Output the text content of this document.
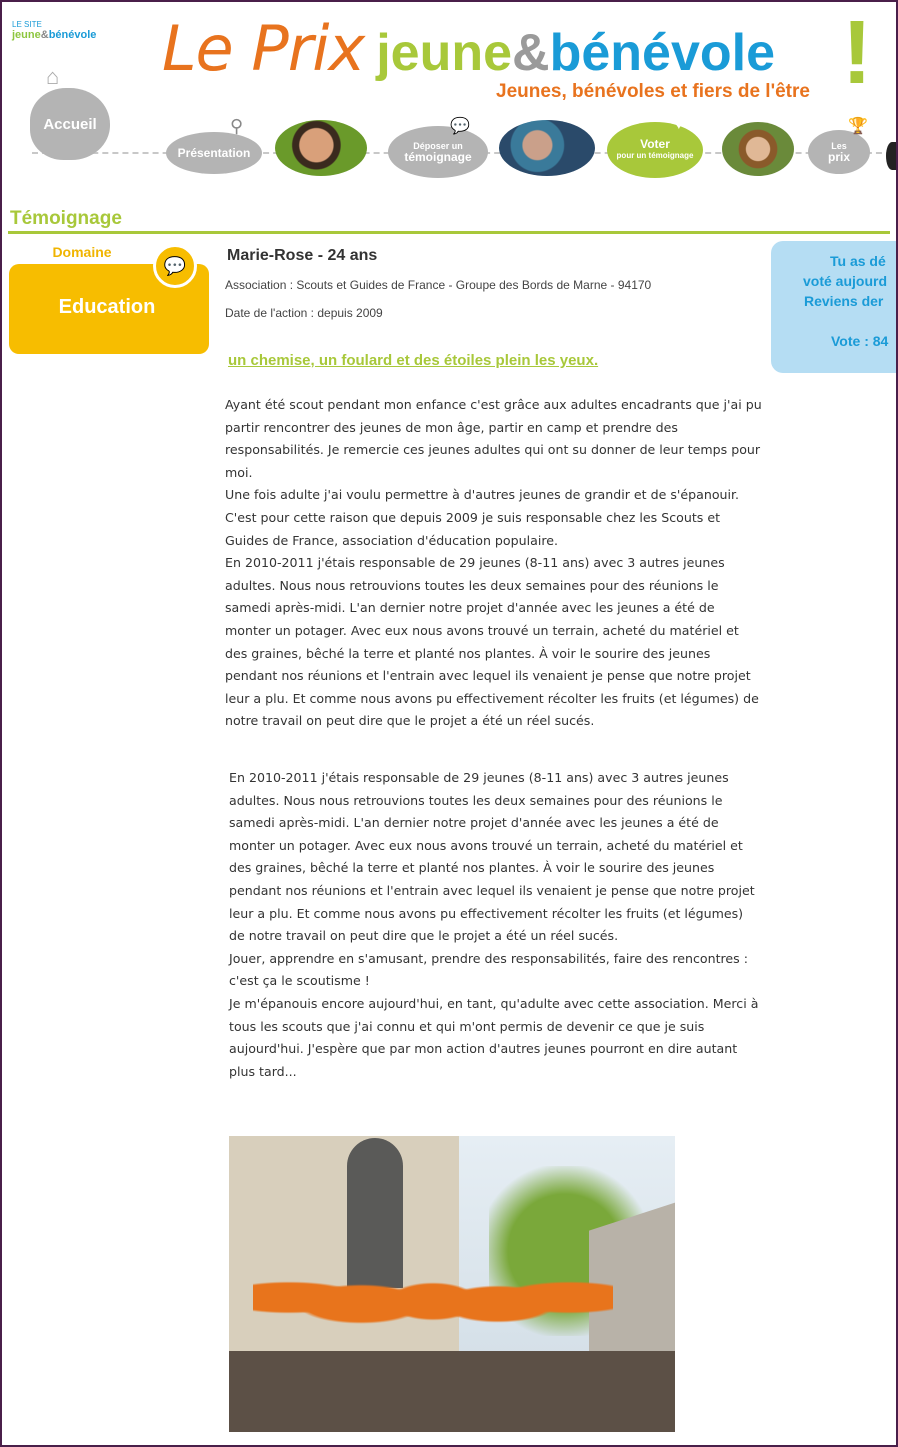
LE SITE
jeune&bénévole Le Prix jeune&bénévole !
Jeunes, bénévoles et fiers de l'être
Accueil
⌂
Présentation
⚲
Déposer un
témoignage
💬
Voter
pour un témoignage
♥
Les
prix
🏆
Témoignage
Domaine
Education
💬	Marie-Rose - 24 ans
Association : Scouts et Guides de France - Groupe des Bords de Marne - 94170
Date de l'action : depuis 2009
un chemise, un foulard et des étoiles plein les yeux.

Ayant été scout pendant mon enfance c'est grâce aux adultes encadrants que j'ai pu partir rencontrer des jeunes de mon âge, partir en camp et prendre des responsabilités. Je remercie ces jeunes adultes qui ont su donner de leur temps pour moi.

Une fois adulte j'ai voulu permettre à d'autres jeunes de grandir et de s'épanouir. C'est pour cette raison que depuis 2009 je suis responsable chez les Scouts et Guides de France, association d'éducation populaire.

En 2010-2011 j'étais responsable de 29 jeunes (8-11 ans) avec 3 autres jeunes adultes. Nous nous retrouvions toutes les deux semaines pour des réunions le samedi après-midi. L'an dernier notre projet d'année avec les jeunes a été de monter un potager. Avec eux nous avons trouvé un terrain, acheté du matériel et des graines, bêché la terre et planté nos plantes. À voir le sourire des jeunes pendant nos réunions et l'entrain avec lequel ils venaient je pense que notre projet leur a plu. Et comme nous avons pu effectivement récolter les fruits (et légumes) de notre travail on peut dire que le projet a été un réel sucés.

En 2010-2011 j'étais responsable de 29 jeunes (8-11 ans) avec 3 autres jeunes adultes. Nous nous retrouvions toutes les deux semaines pour des réunions le samedi après-midi. L'an dernier notre projet d'année avec les jeunes a été de monter un potager. Avec eux nous avons trouvé un terrain, acheté du matériel et des graines, bêché la terre et planté nos plantes. À voir le sourire des jeunes pendant nos réunions et l'entrain avec lequel ils venaient je pense que notre projet leur a plu. Et comme nous avons pu effectivement récolter les fruits (et légumes) de notre travail on peut dire que le projet a été un réel sucés.

Jouer, apprendre en s'amusant, prendre des responsabilités, faire des rencontres : c'est ça le scoutisme !

Je m'épanouis encore aujourd'hui, en tant, qu'adulte avec cette association. Merci à tous les scouts que j'ai connu et qui m'ont permis de devenir ce que je suis aujourd'hui. J'espère que par mon action d'autres jeunes pourront en dire autant plus tard...

Tu as dé
voté aujourd
Reviens der
Vote : 84
